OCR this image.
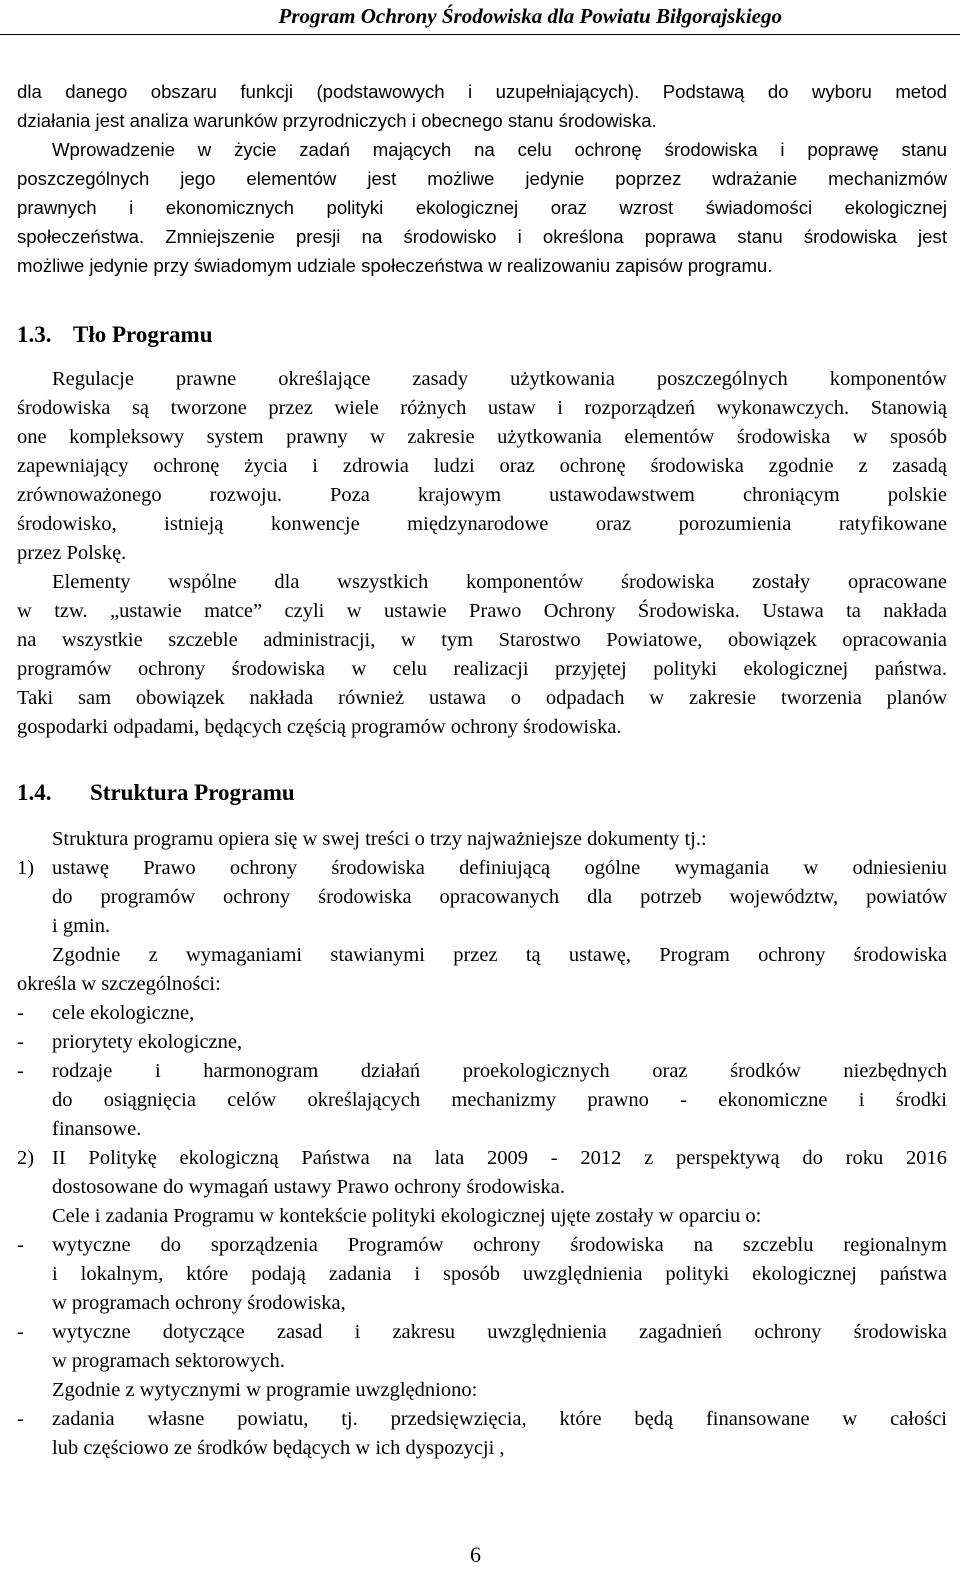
Program Ochrony Środowiska dla Powiatu Biłgorajskiego
dla danego obszaru funkcji (podstawowych i uzupełniających). Podstawą do wyboru metod
działania jest analiza warunków przyrodniczych i obecnego stanu środowiska.
Wprowadzenie w życie zadań mających na celu ochronę środowiska i poprawę stanu
poszczególnych jego elementów jest możliwe jedynie poprzez wdrażanie mechanizmów
prawnych i ekonomicznych polityki ekologicznej oraz wzrost świadomości ekologicznej
społeczeństwa. Zmniejszenie presji na środowisko i określona poprawa stanu środowiska jest
możliwe jedynie przy świadomym udziale społeczeństwa w realizowaniu zapisów programu.
1.3. Tło Programu
Regulacje prawne określające zasady użytkowania poszczególnych komponentów
środowiska są tworzone przez wiele różnych ustaw i rozporządzeń wykonawczych. Stanowią
one kompleksowy system prawny w zakresie użytkowania elementów środowiska w sposób
zapewniający ochronę życia i zdrowia ludzi oraz ochronę środowiska zgodnie z zasadą
zrównoważonego rozwoju. Poza krajowym ustawodawstwem chroniącym polskie
środowisko, istnieją konwencje międzynarodowe oraz porozumienia ratyfikowane
przez Polskę.
Elementy wspólne dla wszystkich komponentów środowiska zostały opracowane
w tzw. „ustawie matce” czyli w ustawie Prawo Ochrony Środowiska. Ustawa ta nakłada
na wszystkie szczeble administracji, w tym Starostwo Powiatowe, obowiązek opracowania
programów ochrony środowiska w celu realizacji przyjętej polityki ekologicznej państwa.
Taki sam obowiązek nakłada również ustawa o odpadach w zakresie tworzenia planów
gospodarki odpadami, będących częścią programów ochrony środowiska.
1.4. Struktura Programu
Struktura programu opiera się w swej treści o trzy najważniejsze dokumenty tj.:
1) ustawę Prawo ochrony środowiska definiującą ogólne wymagania w odniesieniu
do programów ochrony środowiska opracowanych dla potrzeb województw, powiatów
i gmin.
Zgodnie z wymaganiami stawianymi przez tą ustawę, Program ochrony środowiska
określa w szczególności:
- cele ekologiczne,
- priorytety ekologiczne,
- rodzaje i harmonogram działań proekologicznych oraz środków niezbędnych
do osiągnięcia celów określających mechanizmy prawno - ekonomiczne i środki
finansowe.
2) II Politykę ekologiczną Państwa na lata 2009 - 2012 z perspektywą do roku 2016
dostosowane do wymagań ustawy Prawo ochrony środowiska.
Cele i zadania Programu w kontekście polityki ekologicznej ujęte zostały w oparciu o:
- wytyczne do sporządzenia Programów ochrony środowiska na szczeblu regionalnym
i lokalnym, które podają zadania i sposób uwzględnienia polityki ekologicznej państwa
w programach ochrony środowiska,
- wytyczne dotyczące zasad i zakresu uwzględnienia zagadnień ochrony środowiska
w programach sektorowych.
Zgodnie z wytycznymi w programie uwzględniono:
- zadania własne powiatu, tj. przedsięwzięcia, które będą finansowane w całości
lub częściowo ze środków będących w ich dyspozycji ,
6
